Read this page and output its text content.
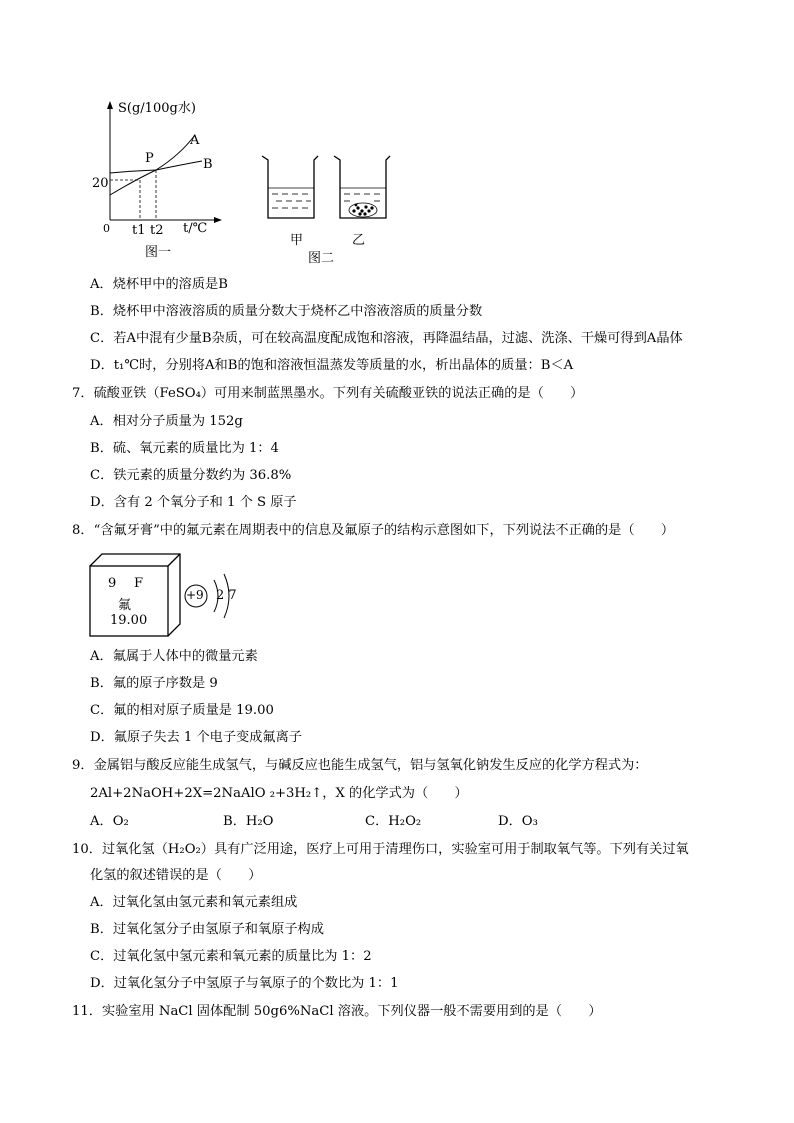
S(g/100g水)
A
B
P
20
0 t1 t2 t/℃
图一
甲	乙
图二
A．烧杯甲中的溶质是B
B．烧杯甲中溶液溶质的质量分数大于烧杯乙中溶液溶质的质量分数
C．若A中混有少量B杂质，可在较高温度配成饱和溶液，再降温结晶，过滤、洗涤、干燥可得到A晶体
D．t₁℃时，分别将A和B的饱和溶液恒温蒸发等质量的水，析出晶体的质量：B＜A
7．硫酸亚铁（FeSO₄）可用来制蓝黑墨水。下列有关硫酸亚铁的说法正确的是（　　）
A．相对分子质量为 152g
B．硫、氧元素的质量比为 1：4
C．铁元素的质量分数约为 36.8%
D．含有 2 个氧分子和 1 个 S 原子
8．“含氟牙膏”中的氟元素在周期表中的信息及氟原子的结构示意图如下，下列说法不正确的是（　　）
9 F
氟
19.00
+9 2 7
A．氟属于人体中的微量元素
B．氟的原子序数是 9
C．氟的相对原子质量是 19.00
D．氟原子失去 1 个电子变成氟离子
9．金属铝与酸反应能生成氢气，与碱反应也能生成氢气，铝与氢氧化钠发生反应的化学方程式为：
2Al+2NaOH+2X=2NaAlO ₂+3H₂↑，X 的化学式为（　　）
A．O₂	B．H₂O	C．H₂O₂	D．O₃
10．过氧化氢（H₂O₂）具有广泛用途，医疗上可用于清理伤口，实验室可用于制取氧气等。下列有关过氧
化氢的叙述错误的是（　　）
A．过氧化氢由氢元素和氧元素组成
B．过氧化氢分子由氢原子和氧原子构成
C．过氧化氢中氢元素和氧元素的质量比为 1：2
D．过氧化氢分子中氢原子与氧原子的个数比为 1：1
11．实验室用 NaCl 固体配制 50g6%NaCl 溶液。下列仪器一般不需要用到的是（　　）
